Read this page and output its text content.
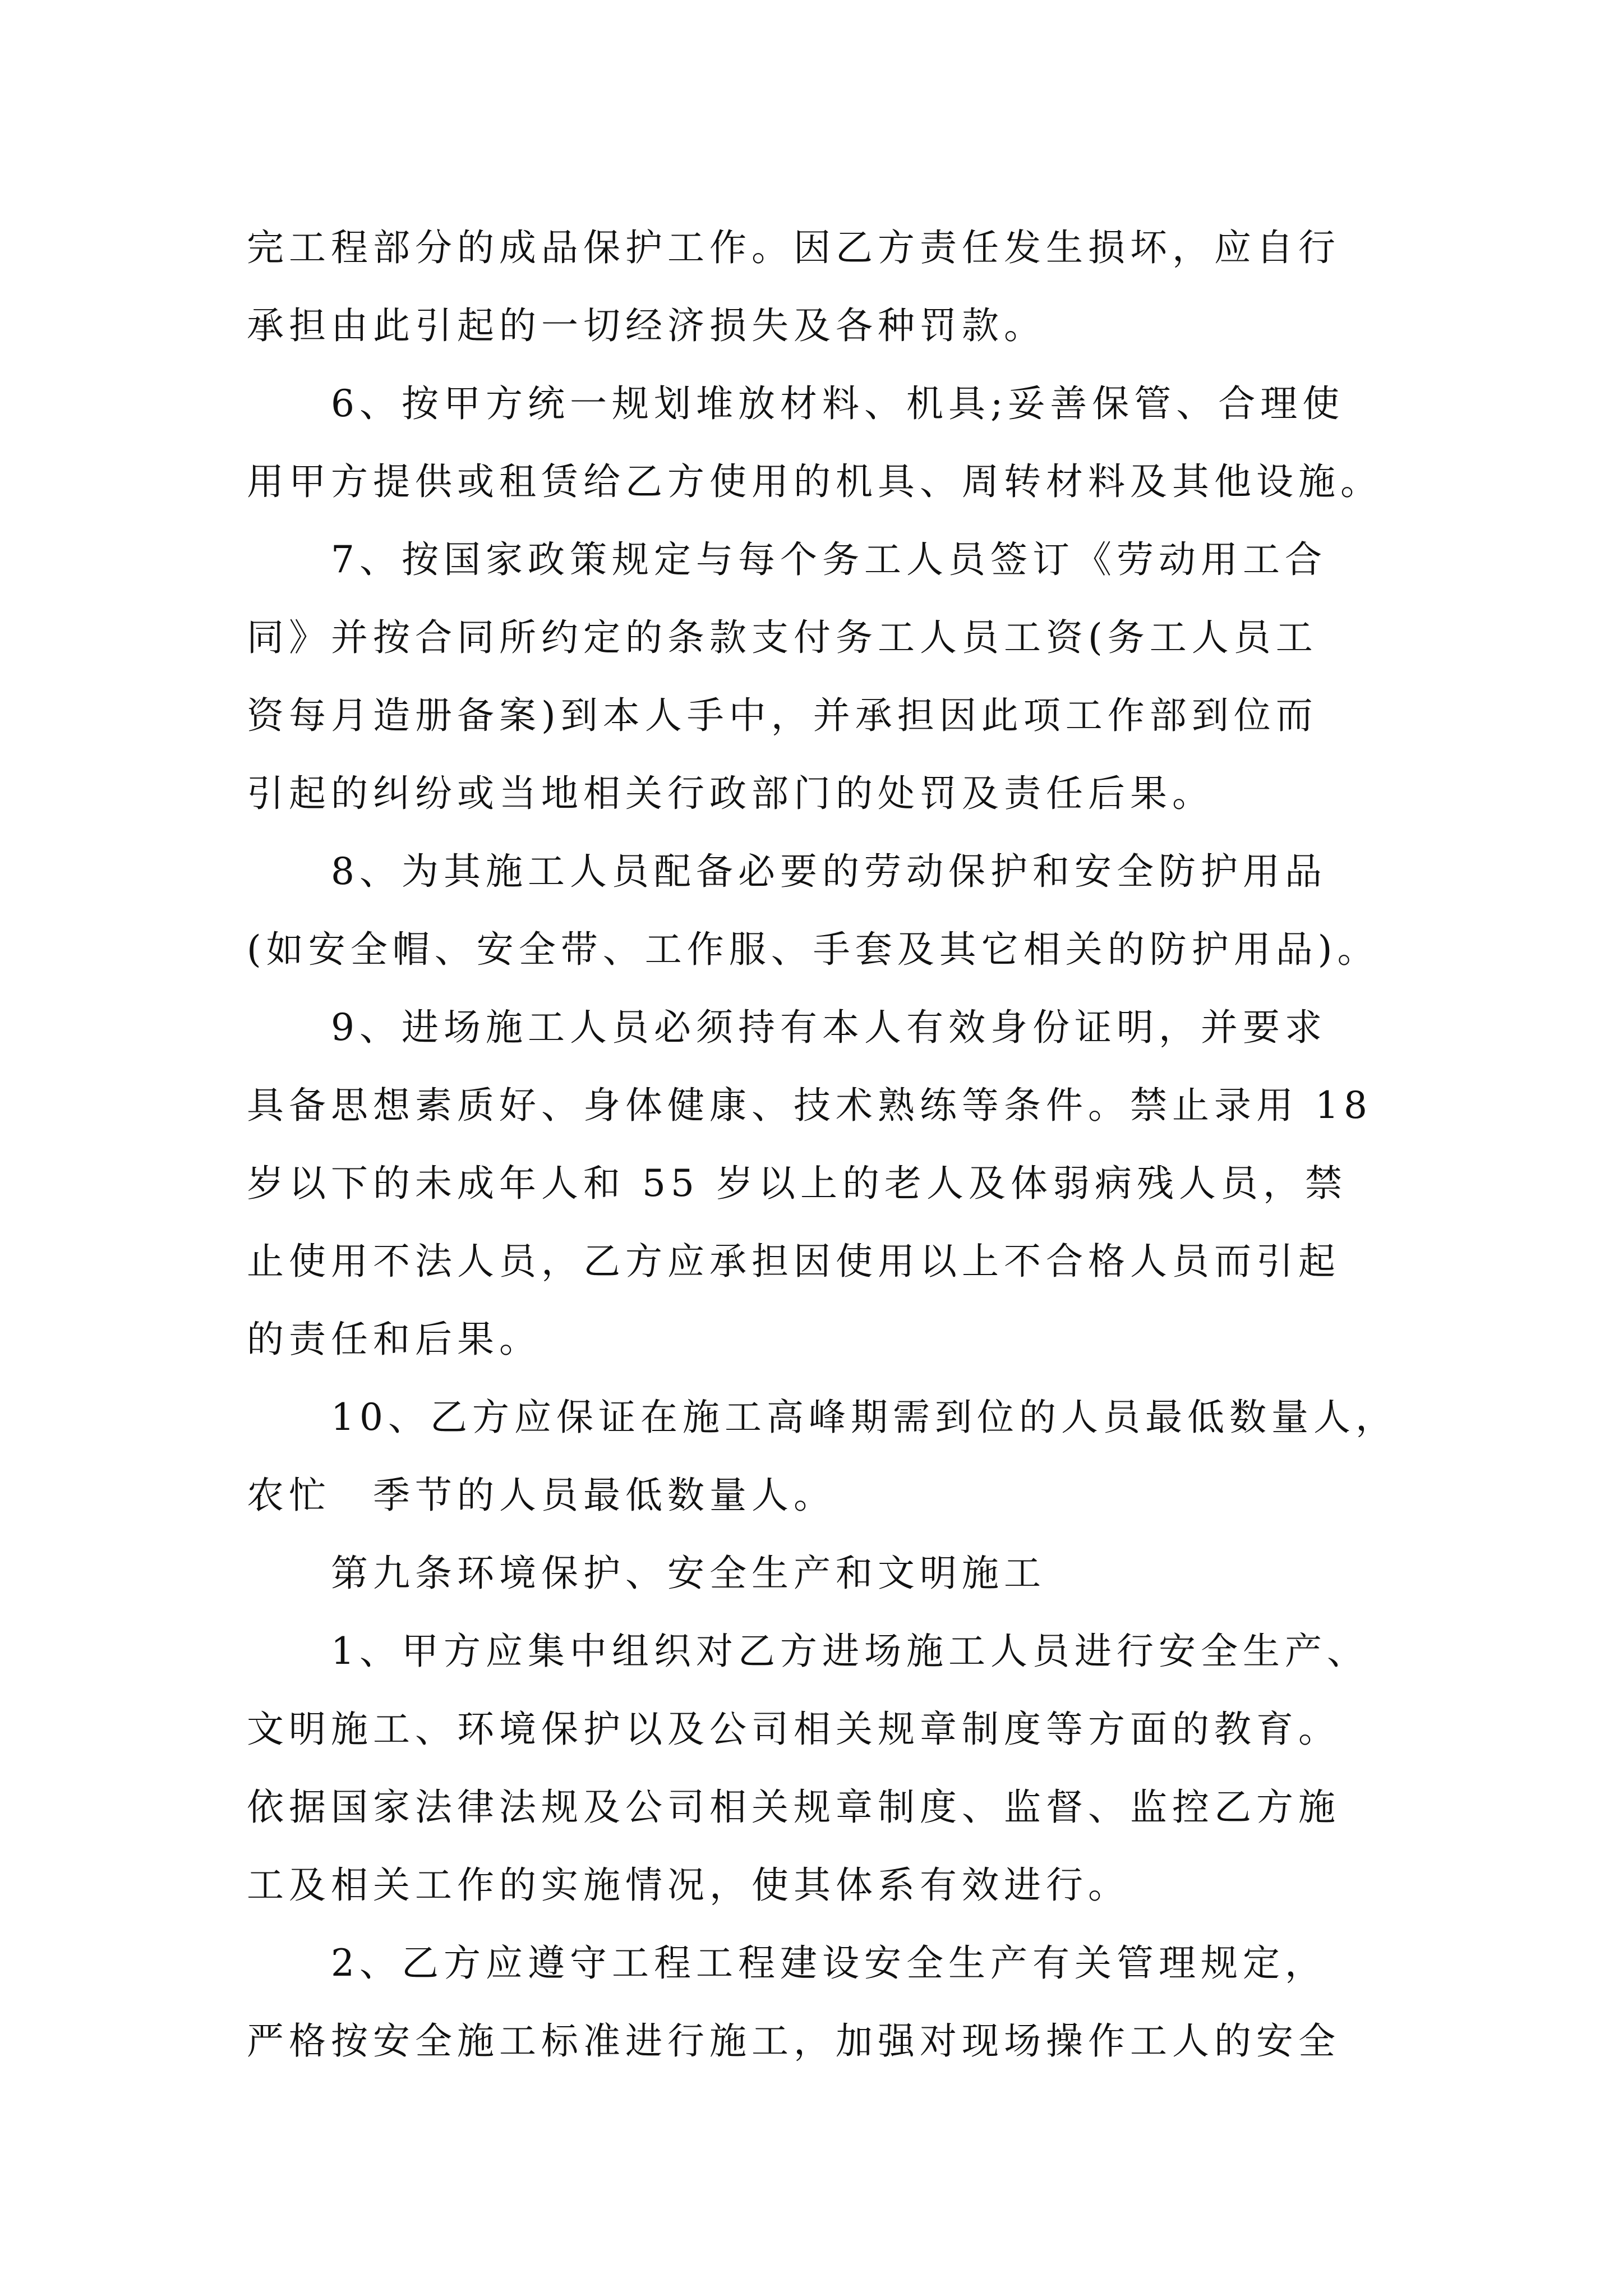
完工程部分的成品保护工作。因乙方责任发生损坏，应自行
承担由此引起的一切经济损失及各种罚款。
　　6、按甲方统一规划堆放材料、机具;妥善保管、合理使
用甲方提供或租赁给乙方使用的机具、周转材料及其他设施。
　　7、按国家政策规定与每个务工人员签订《劳动用工合
同》并按合同所约定的条款支付务工人员工资(务工人员工
资每月造册备案)到本人手中，并承担因此项工作部到位而
引起的纠纷或当地相关行政部门的处罚及责任后果。
　　8、为其施工人员配备必要的劳动保护和安全防护用品
(如安全帽、安全带、工作服、手套及其它相关的防护用品)。
　　9、进场施工人员必须持有本人有效身份证明，并要求
具备思想素质好、身体健康、技术熟练等条件。禁止录用 18
岁以下的未成年人和 55 岁以上的老人及体弱病残人员，禁
止使用不法人员，乙方应承担因使用以上不合格人员而引起
的责任和后果。
　　10、乙方应保证在施工高峰期需到位的人员最低数量人，
农忙　季节的人员最低数量人。
　　第九条环境保护、安全生产和文明施工
　　1、甲方应集中组织对乙方进场施工人员进行安全生产、
文明施工、环境保护以及公司相关规章制度等方面的教育。
依据国家法律法规及公司相关规章制度、监督、监控乙方施
工及相关工作的实施情况，使其体系有效进行。
　　2、乙方应遵守工程工程建设安全生产有关管理规定，
严格按安全施工标准进行施工，加强对现场操作工人的安全
